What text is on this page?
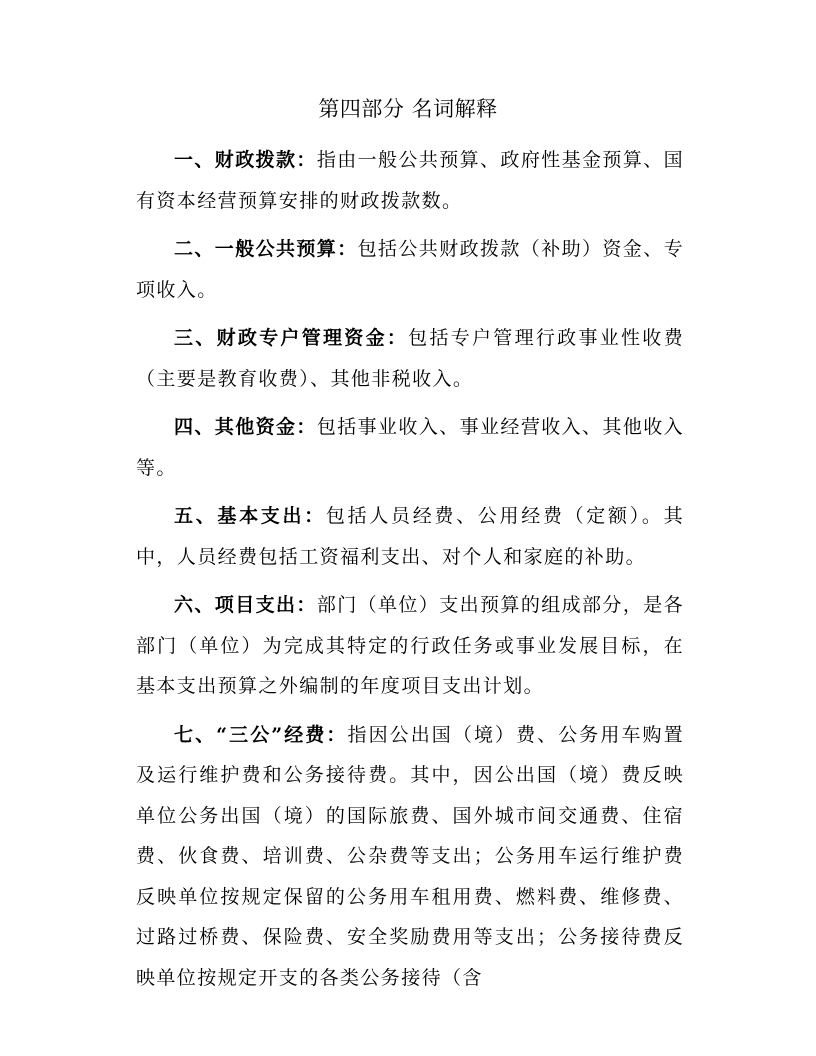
第四部分 名词解释

一、财政拨款：指由一般公共预算、政府性基金预算、国有资本经营预算安排的财政拨款数。

二、一般公共预算：包括公共财政拨款（补助）资金、专项收入。

三、财政专户管理资金：包括专户管理行政事业性收费（主要是教育收费）、其他非税收入。

四、其他资金：包括事业收入、事业经营收入、其他收入等。

五、基本支出：包括人员经费、公用经费（定额）。其中，人员经费包括工资福利支出、对个人和家庭的补助。

六、项目支出：部门（单位）支出预算的组成部分，是各部门（单位）为完成其特定的行政任务或事业发展目标，在基本支出预算之外编制的年度项目支出计划。

七、“三公”经费：指因公出国（境）费、公务用车购置及运行维护费和公务接待费。其中，因公出国（境）费反映单位公务出国（境）的国际旅费、国外城市间交通费、住宿费、伙食费、培训费、公杂费等支出；公务用车运行维护费反映单位按规定保留的公务用车租用费、燃料费、维修费、过路过桥费、保险费、安全奖励费用等支出；公务接待费反映单位按规定开支的各类公务接待（含
